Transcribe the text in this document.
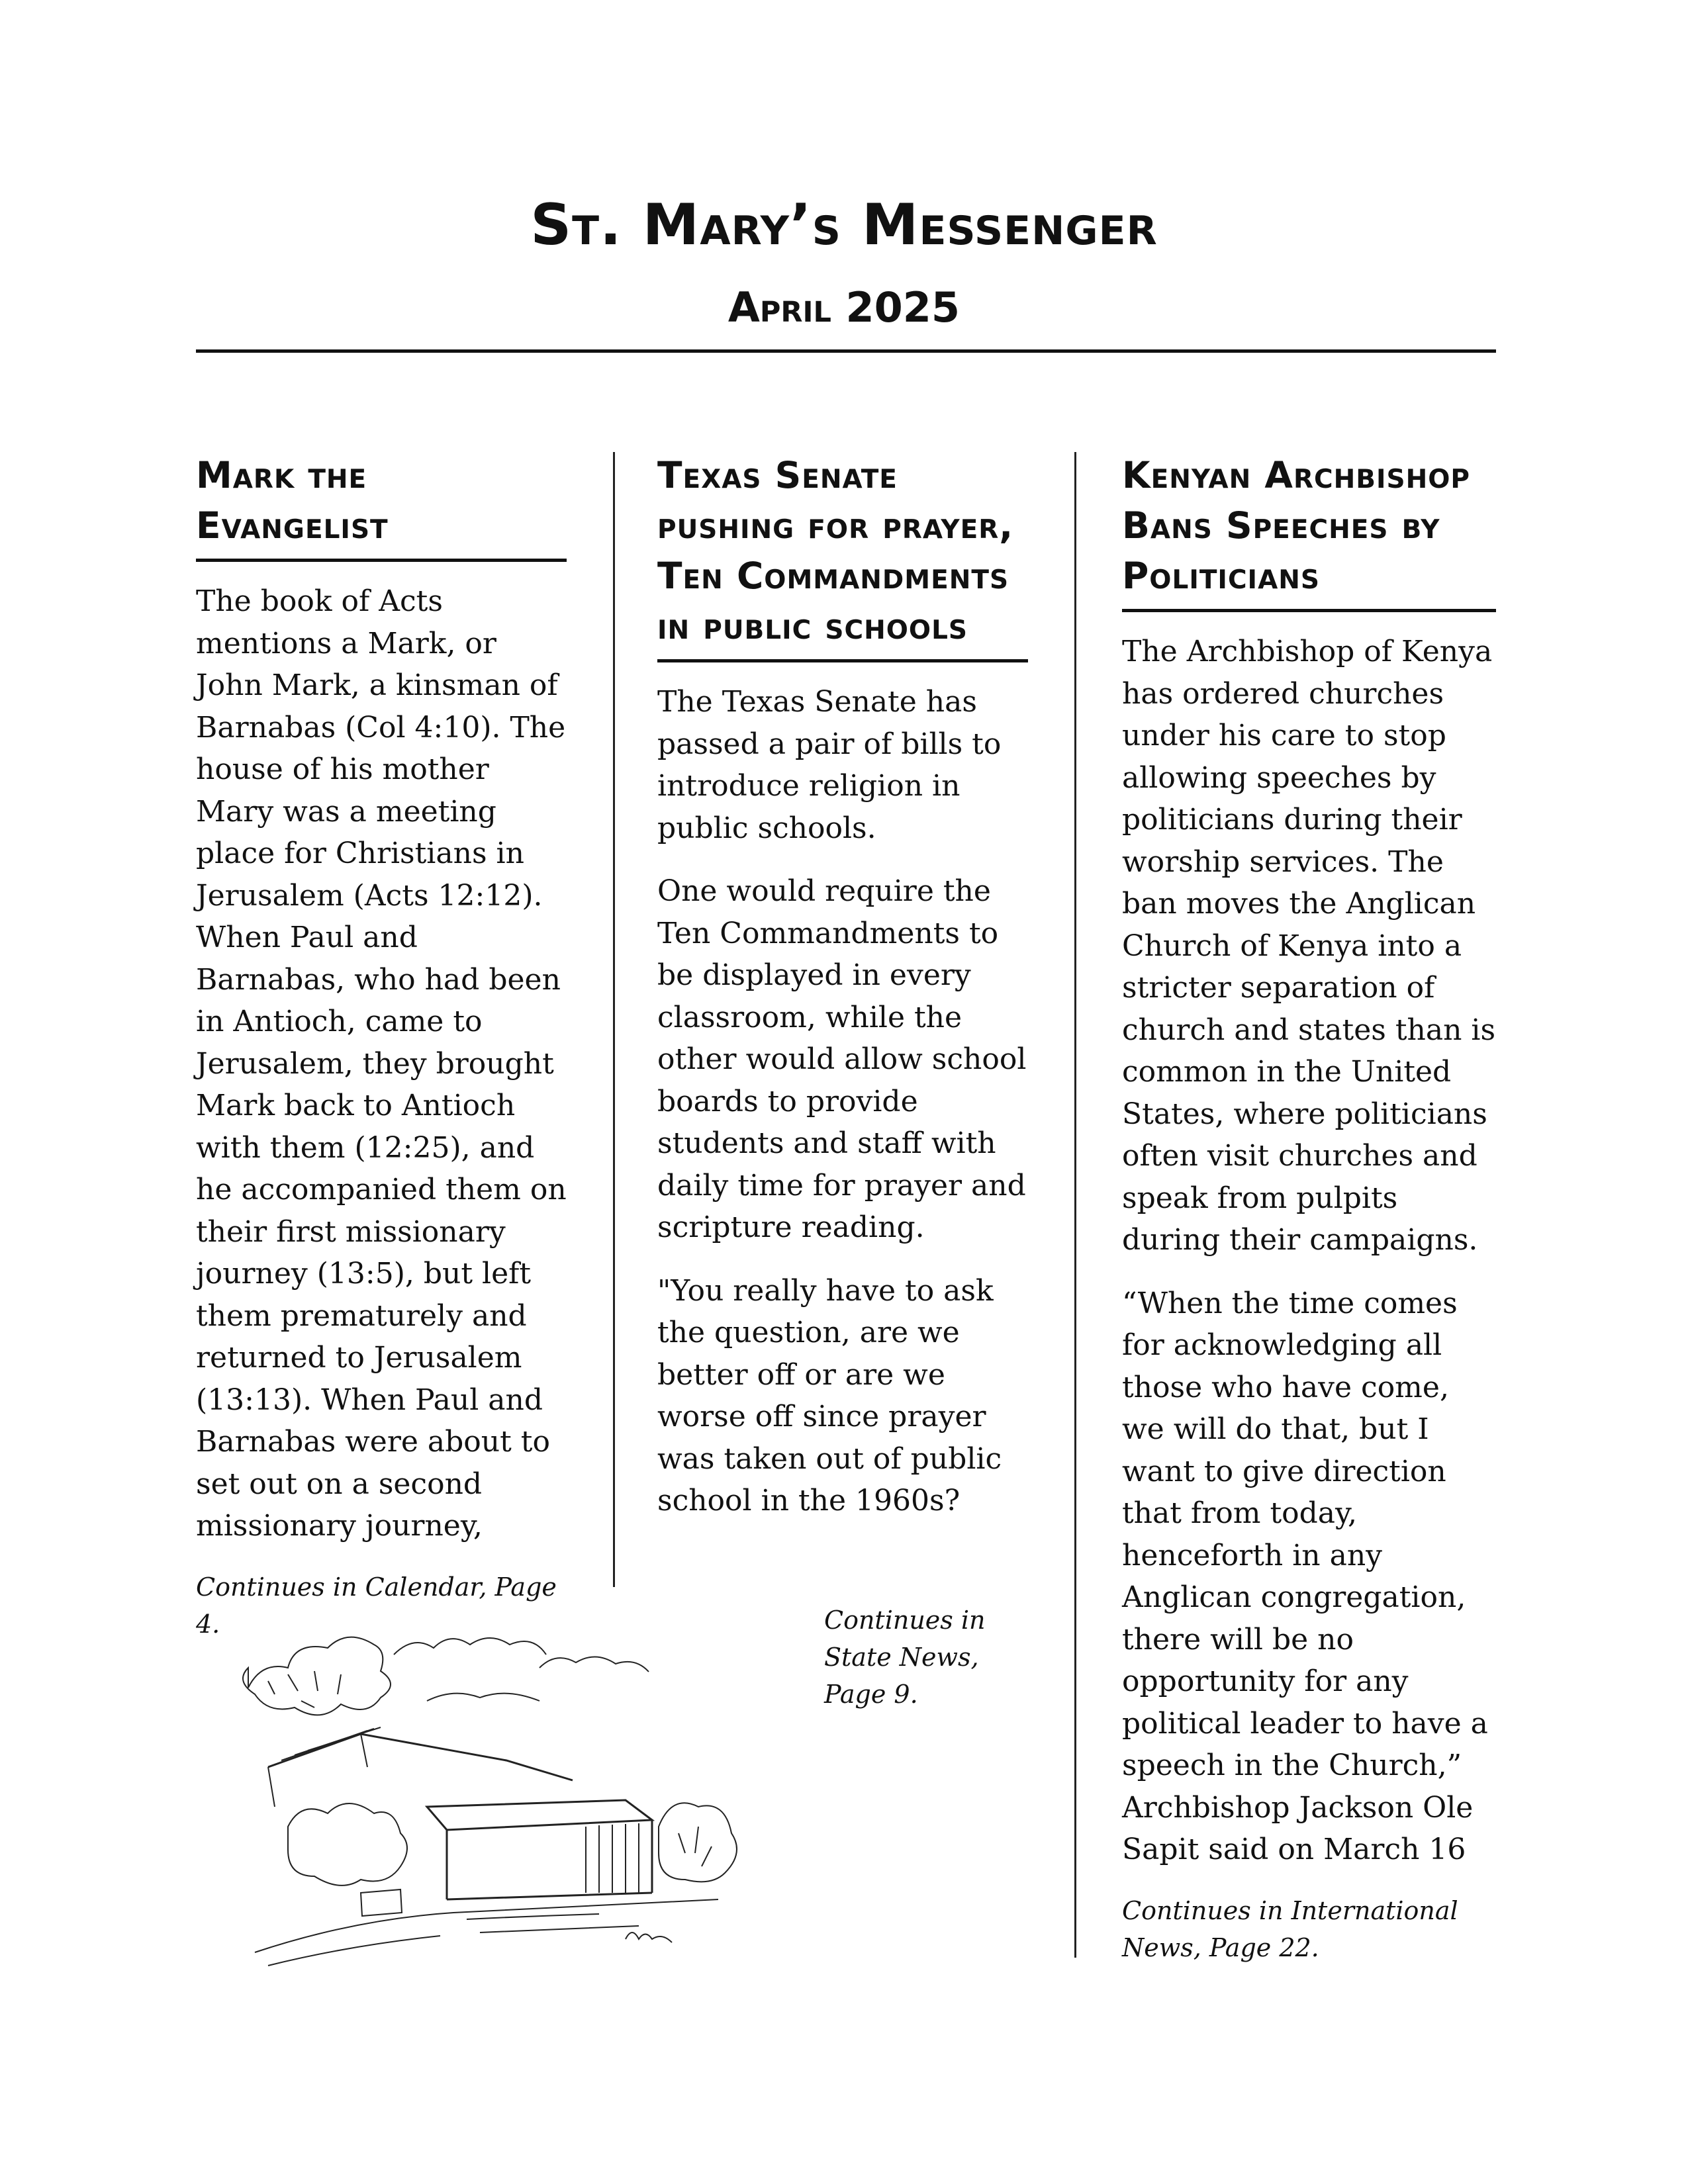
St. Mary’s Messenger
April 2025
Mark the Evangelist

The book of Acts mentions a Mark, or John Mark, a kinsman of Barnabas (Col 4:10). The house of his mother Mary was a meeting place for Christians in Jerusalem (Acts 12:12). When Paul and Barnabas, who had been in Antioch, came to Jerusalem, they brought Mark back to Antioch with them (12:25), and he accompanied them on their first missionary journey (13:5), but left them prematurely and returned to Jerusalem (13:13). When Paul and Barnabas were about to set out on a second missionary journey,

Continues in Calendar, Page 4.

Texas Senate pushing for prayer, Ten Commandments in public schools

The Texas Senate has passed a pair of bills to introduce religion in public schools.

One would require the Ten Commandments to be displayed in every classroom, while the other would allow school boards to provide students and staff with daily time for prayer and scripture reading.

"You really have to ask the question, are we better off or are we worse off since prayer was taken out of public school in the 1960s?

Continues in State News, Page 9.

Kenyan Archbishop Bans Speeches by Politicians

The Archbishop of Kenya has ordered churches under his care to stop allowing speeches by politicians during their worship services. The ban moves the Anglican Church of Kenya into a stricter separation of church and states than is common in the United States, where politicians often visit churches and speak from pulpits during their campaigns.

“When the time comes for acknowledging all those who have come, we will do that, but I want to give direction that from today, henceforth in any Anglican congregation, there will be no opportunity for any political leader to have a speech in the Church,” Archbishop Jackson Ole Sapit said on March 16

Continues in International News, Page 22.
